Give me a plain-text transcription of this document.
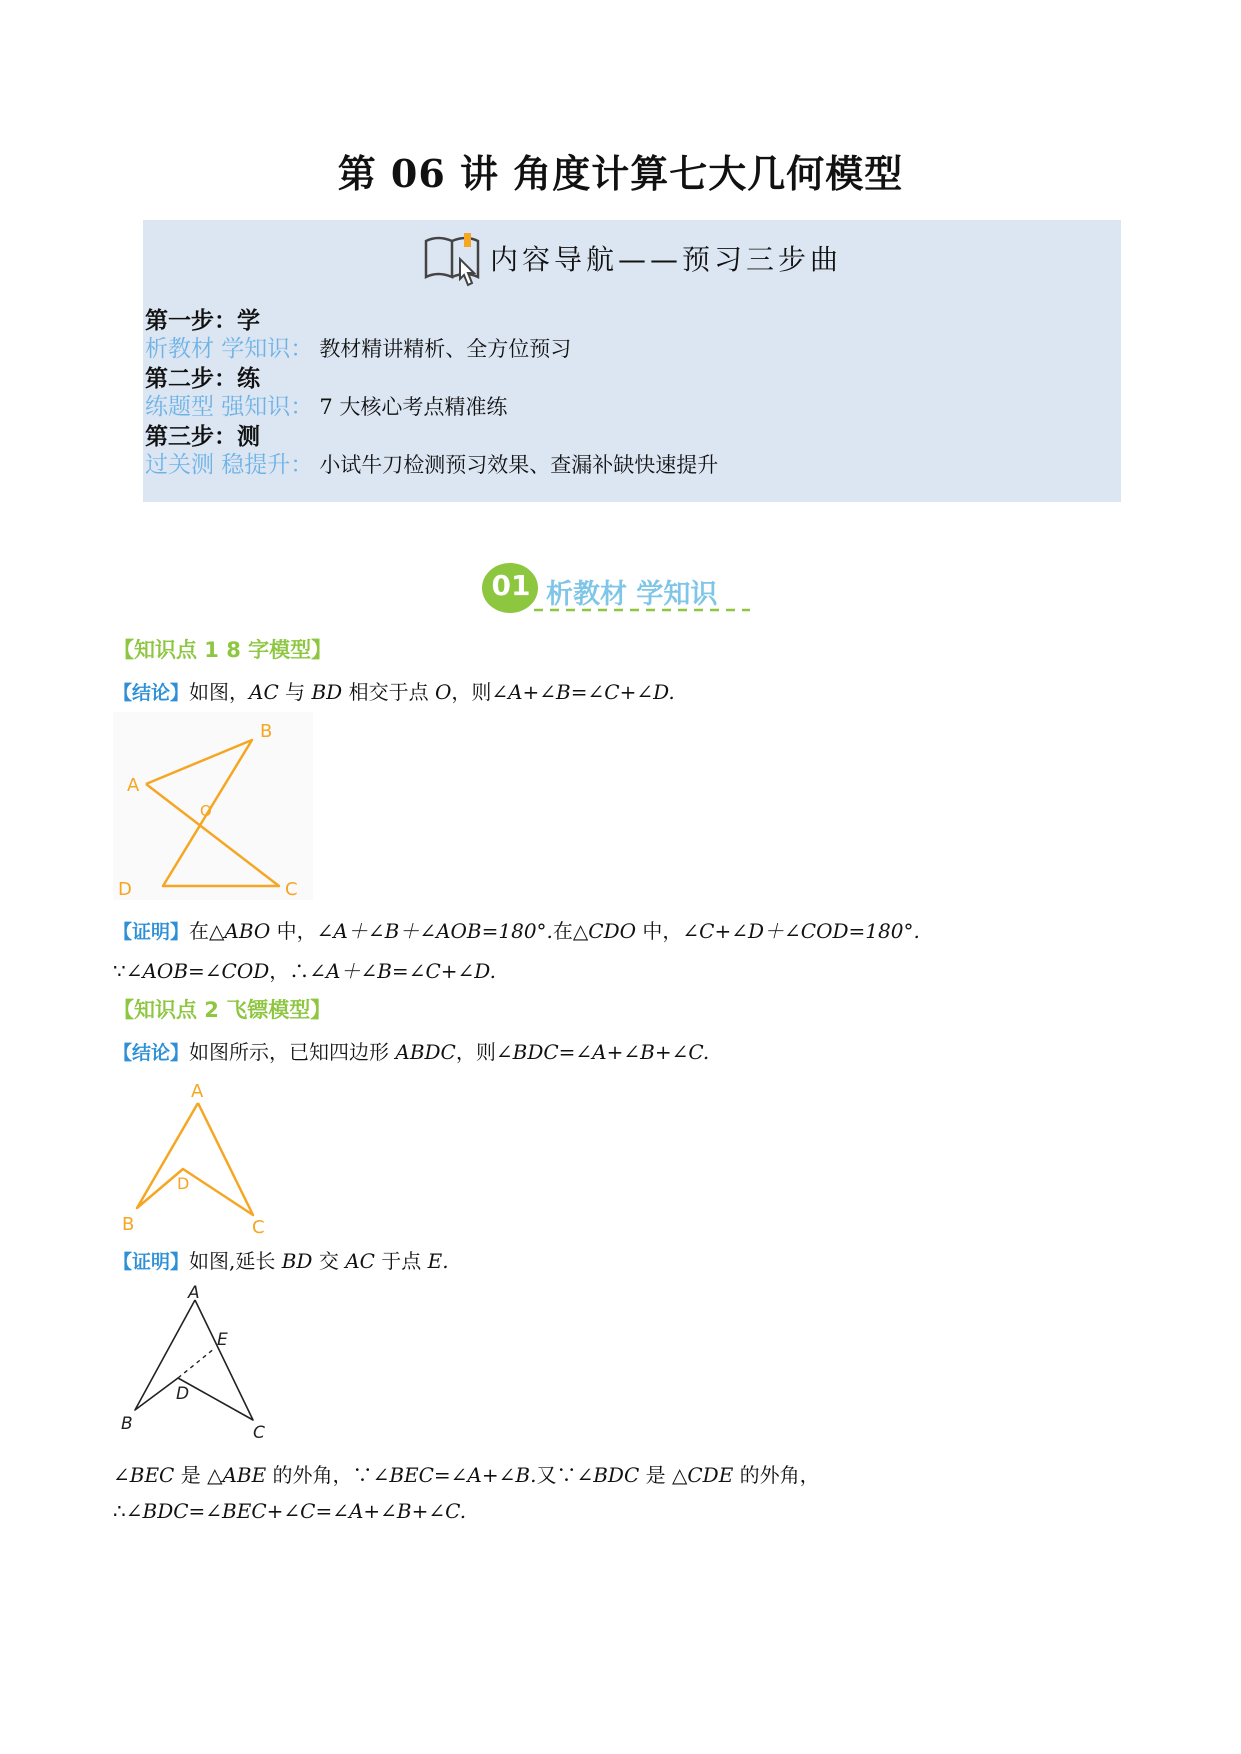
第 06 讲 角度计算七大几何模型
内容导航——预习三步曲
第一步：学
析教材 学知识： 教材精讲精析、全方位预习
第二步：练
练题型 强知识： 7 大核心考点精准练
第三步：测
过关测 稳提升： 小试牛刀检测预习效果、查漏补缺快速提升
01 析教材 学知识
【知识点 1 8 字模型】
【结论】如图，AC 与 BD 相交于点 O，则∠A+∠B=∠C+∠D.
A
B
C
D
O
【证明】在△ABO 中，∠A＋∠B＋∠AOB=180°.在△CDO 中，∠C+∠D＋∠COD=180°.
∵∠AOB=∠COD，∴∠A＋∠B=∠C+∠D.
【知识点 2 飞镖模型】
【结论】如图所示，已知四边形 ABDC，则∠BDC=∠A+∠B+∠C.
A
B	C
D
【证明】如图,延长 BD 交 AC 于点 E.
A
B	C
D
E
∠BEC 是 △ABE 的外角，∵∠BEC=∠A+∠B.又∵∠BDC 是 △CDE 的外角，
∴∠BDC=∠BEC+∠C=∠A+∠B+∠C.
